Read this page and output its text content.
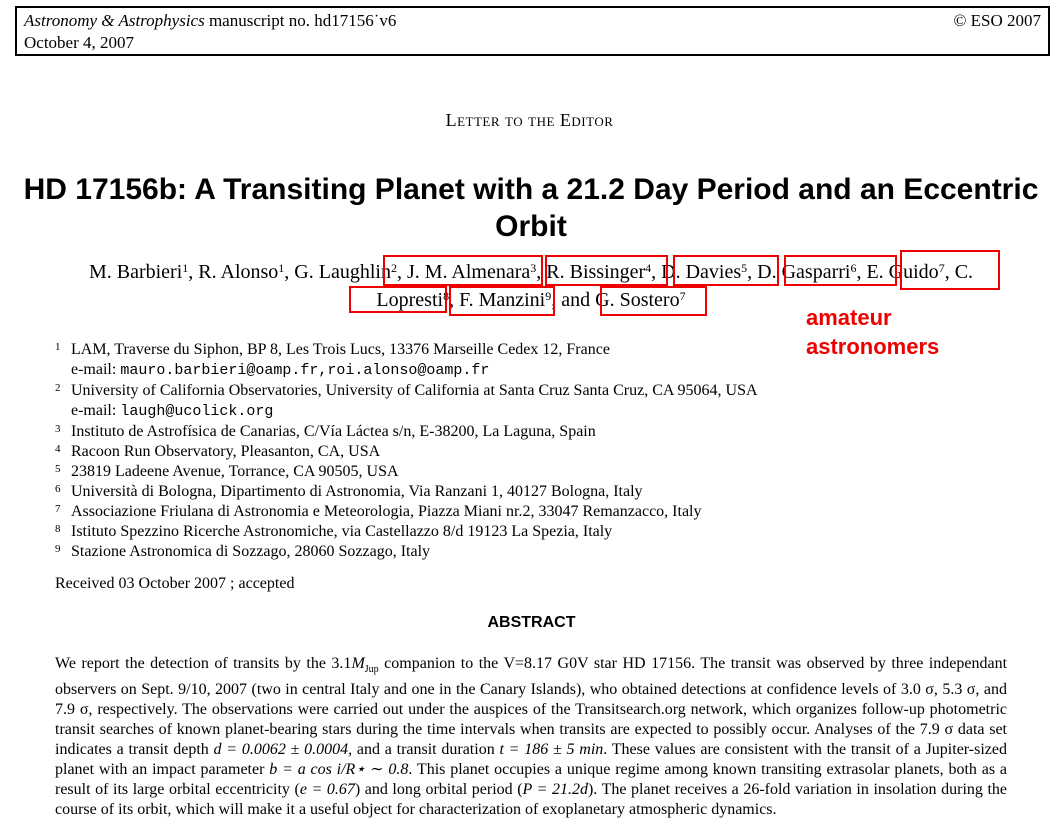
Astronomy & Astrophysics manuscript no. hd17156˙v6
October 4, 2007
© ESO 2007
Letter to the Editor
HD 17156b: A Transiting Planet with a 21.2 Day Period and an Eccentric Orbit
M. Barbieri$^1$, R. Alonso$^1$, G. Laughlin$^2$, J. M. Almenara$^3$, R. Bissinger$^4$, D. Davies$^5$, D. Gasparri$^6$, E. Guido$^7$, C.
Lopresti$^8$, F. Manzini$^9$, and G. Sostero$^7$
amateur
astronomers
1 LAM, Traverse du Siphon, BP 8, Les Trois Lucs, 13376 Marseille Cedex 12, France
e-mail: mauro.barbieri@oamp.fr,roi.alonso@oamp.fr
2 University of California Observatories, University of California at Santa Cruz Santa Cruz, CA 95064, USA
e-mail: laugh@ucolick.org
3 Instituto de Astrofísica de Canarias, C/Vía Láctea s/n, E-38200, La Laguna, Spain
4 Racoon Run Observatory, Pleasanton, CA, USA
5 23819 Ladeene Avenue, Torrance, CA 90505, USA
6 Università di Bologna, Dipartimento di Astronomia, Via Ranzani 1, 40127 Bologna, Italy
7 Associazione Friulana di Astronomia e Meteorologia, Piazza Miani nr.2, 33047 Remanzacco, Italy
8 Istituto Spezzino Ricerche Astronomiche, via Castellazzo 8/d 19123 La Spezia, Italy
9 Stazione Astronomica di Sozzago, 28060 Sozzago, Italy
Received 03 October 2007 ; accepted
ABSTRACT
We report the detection of transits by the $3.1M_{Jup}$ companion to the V=8.17 G0V star HD 17156. The transit was observed by three independant observers on Sept. 9/10, 2007 (two in central Italy and one in the Canary Islands), who obtained detections at confidence levels of 3.0 σ, 5.3 σ, and 7.9 σ, respectively. The observations were carried out under the auspices of the Transitsearch.org network, which organizes follow-up photometric transit searches of known planet-bearing stars during the time intervals when transits are expected to possibly occur. Analyses of the 7.9 σ data set indicates a transit depth d = 0.0062 ± 0.0004, and a transit duration t = 186 ± 5 min. These values are consistent with the transit of a Jupiter-sized planet with an impact parameter b = a cos i/R⋆ ∼ 0.8. This planet occupies a unique regime among known transiting extrasolar planets, both as a result of its large orbital eccentricity (e = 0.67) and long orbital period (P = 21.2d). The planet receives a 26-fold variation in insolation during the course of its orbit, which will make it a useful object for characterization of exoplanetary atmospheric dynamics.
